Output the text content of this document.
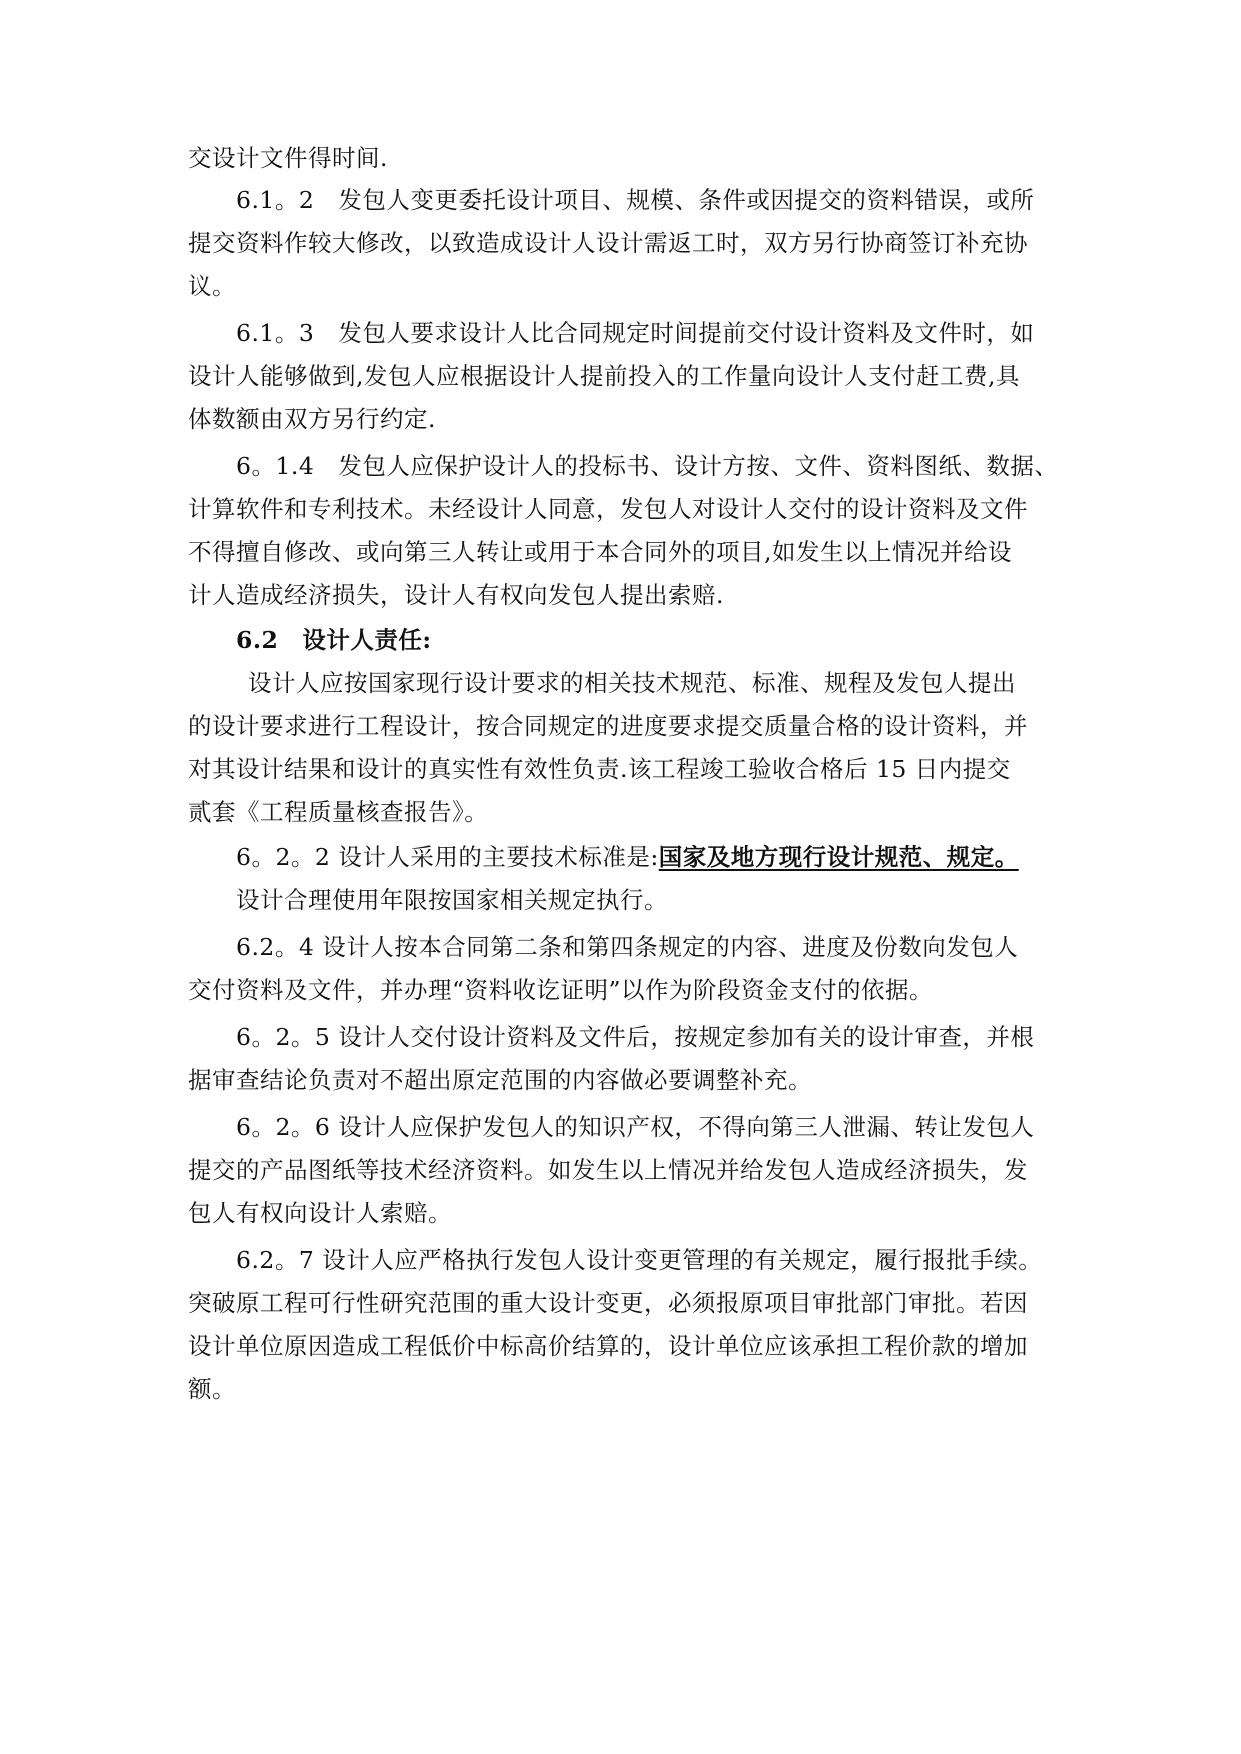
交设计文件得时间.
6.1。2　发包人变更委托设计项目、规模、条件或因提交的资料错误，或所
提交资料作较大修改，以致造成设计人设计需返工时，双方另行协商签订补充协
议。
6.1。3　发包人要求设计人比合同规定时间提前交付设计资料及文件时，如
设计人能够做到,发包人应根据设计人提前投入的工作量向设计人支付赶工费,具
体数额由双方另行约定.
6。1.4　发包人应保护设计人的投标书、设计方按、文件、资料图纸、数据、
计算软件和专利技术。未经设计人同意，发包人对设计人交付的设计资料及文件
不得擅自修改、或向第三人转让或用于本合同外的项目,如发生以上情况并给设
计人造成经济损失，设计人有权向发包人提出索赔.
6.2　设计人责任:
设计人应按国家现行设计要求的相关技术规范、标准、规程及发包人提出
的设计要求进行工程设计，按合同规定的进度要求提交质量合格的设计资料，并
对其设计结果和设计的真实性有效性负责.该工程竣工验收合格后 15 日内提交
贰套《工程质量核查报告》。
6。2。2 设计人采用的主要技术标准是:国家及地方现行设计规范、规定。
设计合理使用年限按国家相关规定执行。
6.2。4 设计人按本合同第二条和第四条规定的内容、进度及份数向发包人
交付资料及文件，并办理“资料收讫证明”以作为阶段资金支付的依据。
6。2。5 设计人交付设计资料及文件后，按规定参加有关的设计审查，并根
据审查结论负责对不超出原定范围的内容做必要调整补充。
6。2。6 设计人应保护发包人的知识产权，不得向第三人泄漏、转让发包人
提交的产品图纸等技术经济资料。如发生以上情况并给发包人造成经济损失，发
包人有权向设计人索赔。
6.2。7 设计人应严格执行发包人设计变更管理的有关规定，履行报批手续。
突破原工程可行性研究范围的重大设计变更，必须报原项目审批部门审批。若因
设计单位原因造成工程低价中标高价结算的，设计单位应该承担工程价款的增加
额。
